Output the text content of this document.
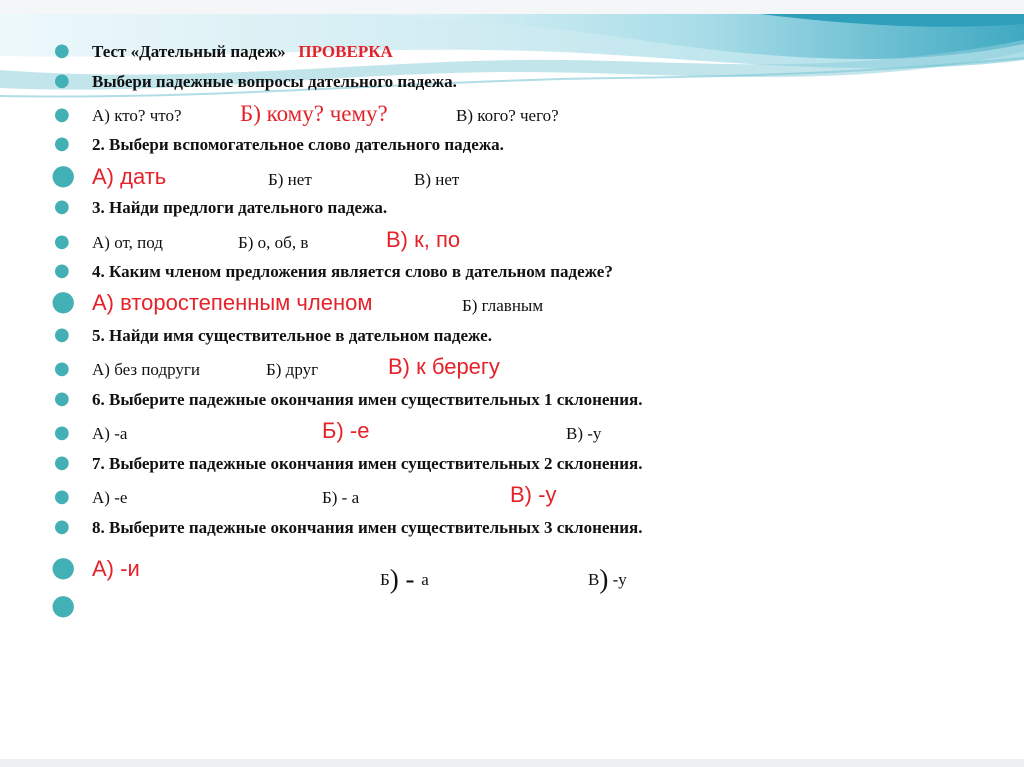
● Тест «Дательный падеж» ПРОВЕРКА
● Выбери падежные вопросы дательного падежа.
● А) кто? что?	Б) кому? чему?	В) кого? чего?
● 2. Выбери вспомогательное слово дательного падежа.
● А) дать	Б) нет	В) нет
● 3. Найди предлоги дательного падежа.
● А) от, под	Б) о, об, в	В) к, по
● 4. Каким членом предложения является слово в дательном падеже?
● А) второстепенным членом	Б) главным
● 5. Найди имя существительное в дательном падеже.
● А) без подруги	Б) друг	В) к берегу
● 6. Выберите падежные окончания имен существительных 1 склонения.
● А) -а	Б) -е	В) -у
● 7. Выберите падежные окончания имен существительных 2 склонения.
● А) -е	Б) - а	В) -у
● 8. Выберите падежные окончания имен существительных 3 склонения.
● А) -и	Б) - а	В) -у
●
